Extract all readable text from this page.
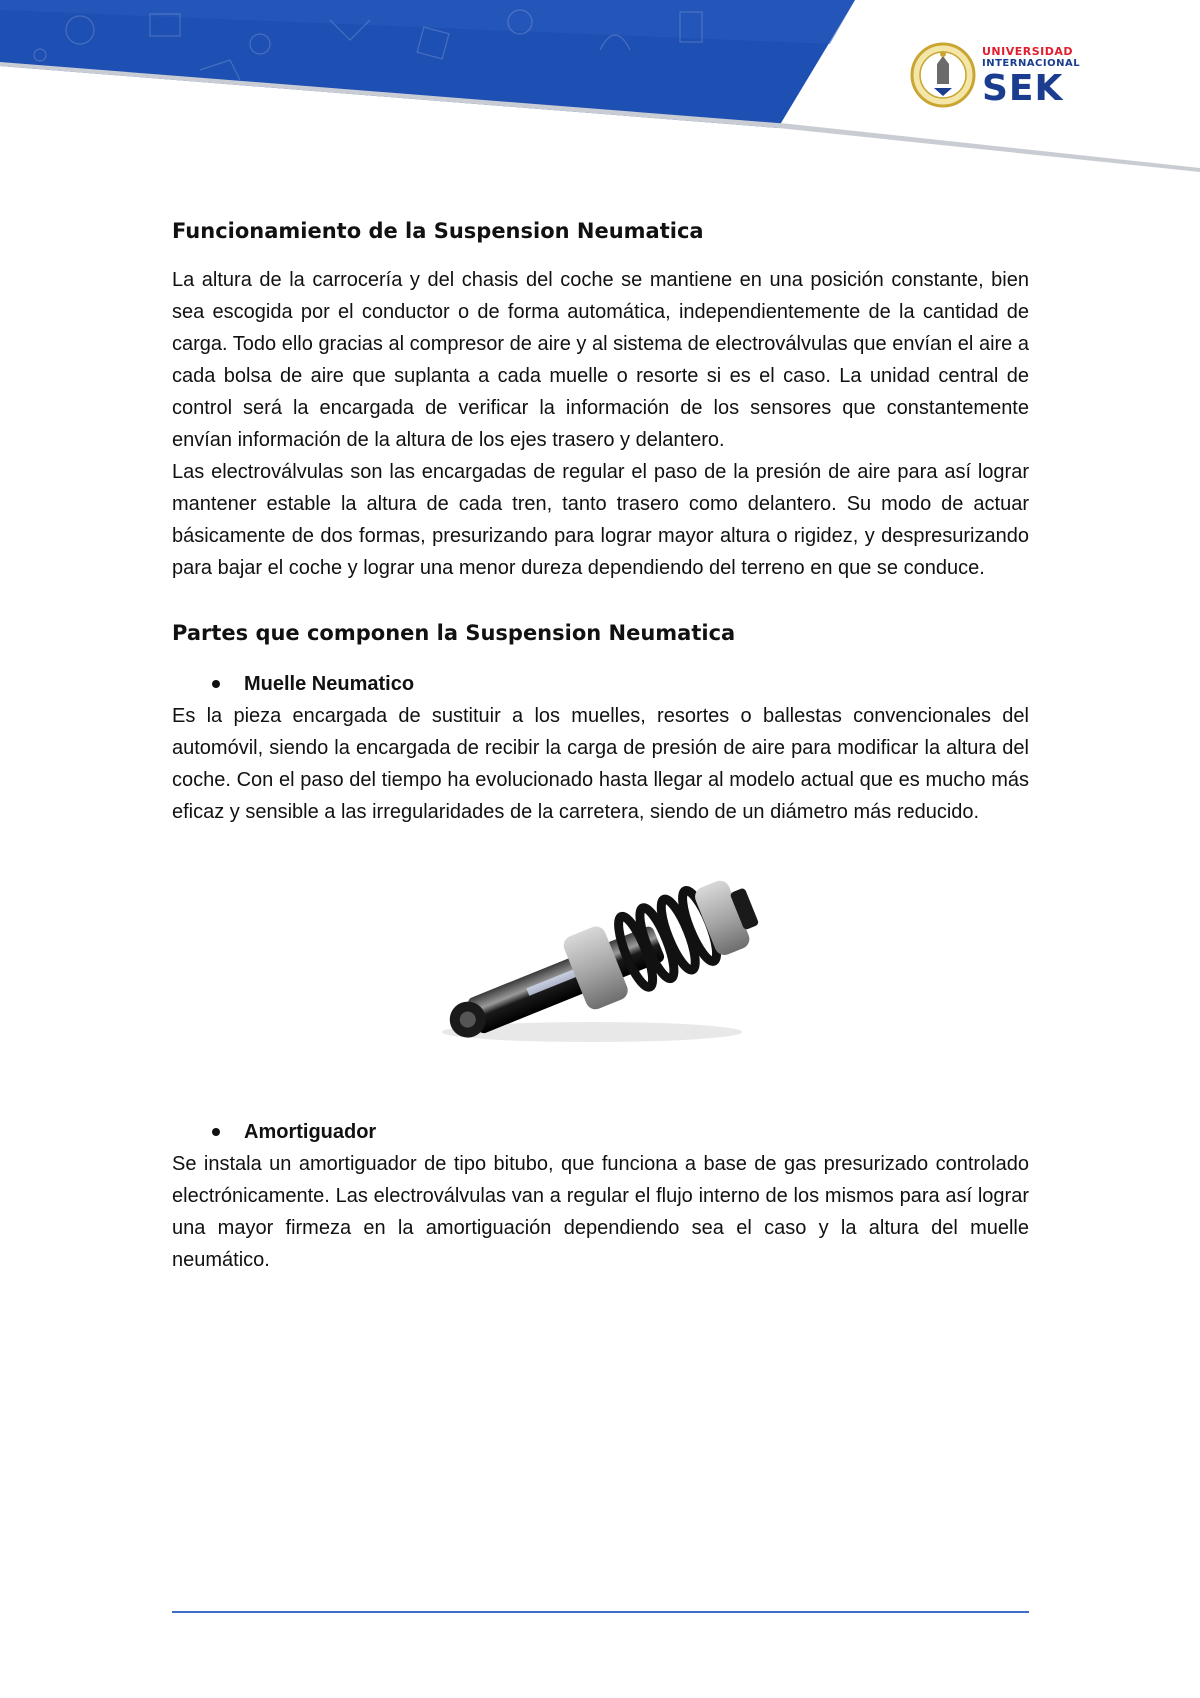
UNIVERSIDAD
INTERNACIONAL
SEK
Funcionamiento de la Suspension Neumatica

La altura de la carrocería y del chasis del coche se mantiene en una posición constante, bien sea escogida por el conductor o de forma automática, independientemente de la cantidad de carga. Todo ello gracias al compresor de aire y al sistema de electroválvulas que envían el aire a cada bolsa de aire que suplanta a cada muelle o resorte si es el caso. La unidad central de control será la encargada de verificar la información de los sensores que constantemente envían información de la altura de los ejes trasero y delantero.

Las electroválvulas son las encargadas de regular el paso de la presión de aire para así lograr mantener estable la altura de cada tren, tanto trasero como delantero. Su modo de actuar básicamente de dos formas, presurizando para lograr mayor altura o rigidez, y despresurizando para bajar el coche y lograr una menor dureza dependiendo del terreno en que se conduce.

Partes que componen la Suspension Neumatica
Muelle Neumatico

Es la pieza encargada de sustituir a los muelles, resortes o ballestas convencionales del automóvil, siendo la encargada de recibir la carga de presión de aire para modificar la altura del coche. Con el paso del tiempo ha evolucionado hasta llegar al modelo actual que es mucho más eficaz y sensible a las irregularidades de la carretera, siendo de un diámetro más reducido.

Amortiguador

Se instala un amortiguador de tipo bitubo, que funciona a base de gas presurizado controlado electrónicamente. Las electroválvulas van a regular el flujo interno de los mismos para así lograr una mayor firmeza en la amortiguación dependiendo sea el caso y la altura del muelle neumático.
